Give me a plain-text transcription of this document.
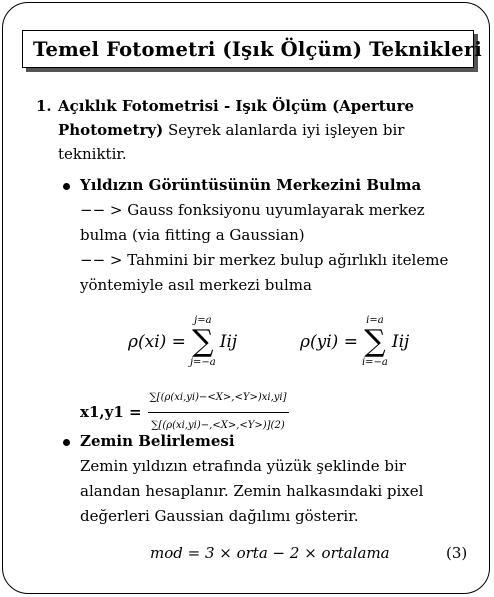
Temel Fotometri (Işık Ölçüm) Teknikleri
1. Açıklık Fotometrisi - Işık Ölçüm (Aperture
Photometry) Seyrek alanlarda iyi işleyen bir
tekniktir.
Yıldızın Görüntüsünün Merkezini Bulma
−− > Gauss fonksiyonu uyumlayarak merkez
bulma (via fitting a Gaussian)
−− > Tahmini bir merkez bulup ağırlıklı iteleme
yöntemiyle asıl merkezi bulma
ρ(xi) =
j=a
∑
j=−a
Iij	ρ(yi) =
i=a
∑
i=−a
Iij
$x1,y1 = \frac{\sum[(\rho(xi,yi)-<X>,<Y>)xi,yi]}{\sum[(\rho(xi,yi)-,<X>,<Y>)](2)}$
Zemin Belirlemesi
Zemin yıldızın etrafında yüzük şeklinde bir
alandan hesaplanır. Zemin halkasındaki pixel
değerleri Gaussian dağılımı gösterir.
mod = 3 × orta − 2 × ortalama	(3)
